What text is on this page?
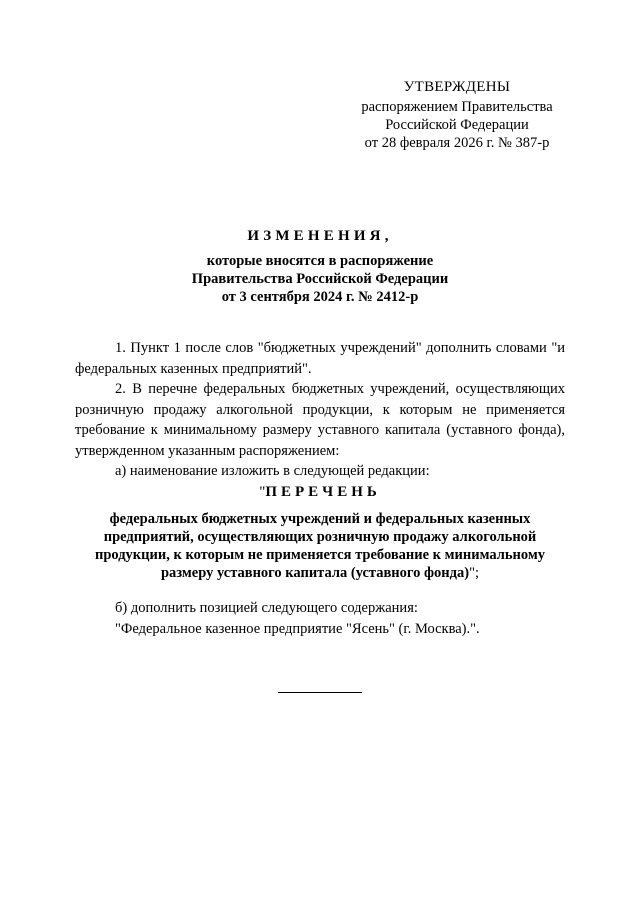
УТВЕРЖДЕНЫ
распоряжением Правительства
Российской Федерации
от 28 февраля 2026 г. № 387-р
ИЗМЕНЕНИЯ,
которые вносятся в распоряжение
Правительства Российской Федерации
от 3 сентября 2024 г. № 2412-р

1. Пункт 1 после слов "бюджетных учреждений" дополнить словами "и федеральных казенных предприятий".

2. В перечне федеральных бюджетных учреждений, осуществляющих розничную продажу алкогольной продукции, к которым не применяется требование к минимальному размеру уставного капитала (уставного фонда), утвержденном указанным распоряжением:

а) наименование изложить в следующей редакции:

"ПЕРЕЧЕНЬ
федеральных бюджетных учреждений и федеральных казенных
предприятий, осуществляющих розничную продажу алкогольной
продукции, к которым не применяется требование к минимальному
размеру уставного капитала (уставного фонда)";

б) дополнить позицией следующего содержания:

"Федеральное казенное предприятие "Ясень" (г. Москва).".
